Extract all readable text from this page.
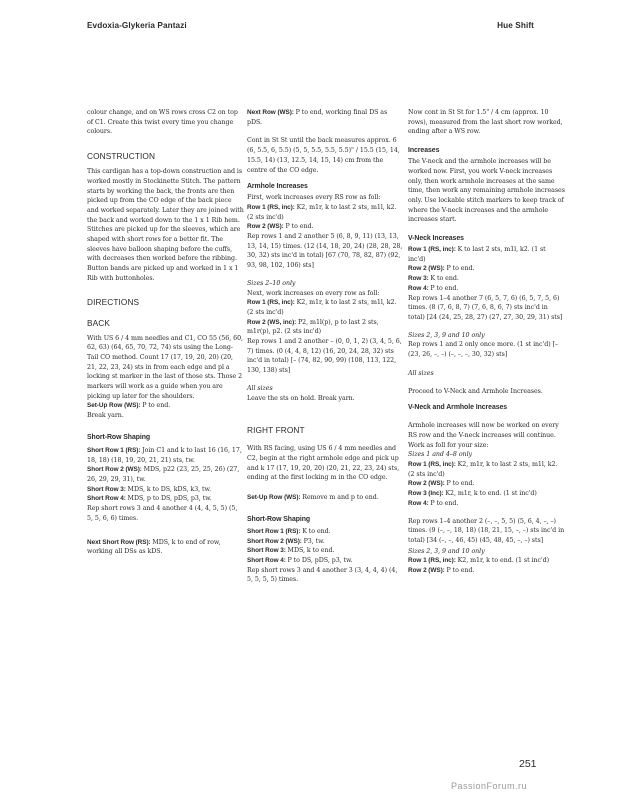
Evdoxia-Glykeria Pantazi	Hue Shift
colour change, and on WS rows cross C2 on top of C1. Create this twist every time you change colours.
CONSTRUCTION
This cardigan has a top-down construction and is worked mostly in Stockinette Stitch. The pattern starts by working the back, the fronts are then picked up from the CO edge of the back piece and worked separately. Later they are joined with the back and worked down to the 1 x 1 Rib hem. Stitches are picked up for the sleeves, which are shaped with short rows for a better fit. The sleeves have balloon shaping before the cuffs, with decreases then worked before the ribbing. Button bands are picked up and worked in 1 x 1 Rib with buttonholes.
DIRECTIONS
BACK
With US 6 / 4 mm needles and C1, CO 55 (56, 60, 62, 63) (64, 65, 70, 72, 74) sts using the Long-Tail CO method. Count 17 (17, 19, 20, 20) (20, 21, 22, 23, 24) sts in from each edge and pl a locking st marker in the last of those sts. Those 2 markers will work as a guide when you are picking up later for the shoulders.
Set-Up Row (WS): P to end.
Break yarn.
Short-Row Shaping
Short Row 1 (RS): Join C1 and k to last 16 (16, 17, 18, 18) (18, 19, 20, 21, 21) sts, tw.
Short Row 2 (WS): MDS, p22 (23, 25, 25, 26) (27, 26, 29, 29, 31), tw.
Short Row 3: MDS, k to DS, kDS, k3, tw.
Short Row 4: MDS, p to DS, pDS, p3, tw.
Rep short rows 3 and 4 another 4 (4, 4, 5, 5) (5, 5, 5, 6, 6) times.
Next Short Row (RS): MDS, k to end of row, working all DSs as kDS.
Next Row (WS): P to end, working final DS as pDS.
Cont in St St until the back measures approx. 6 (6, 5.5, 6, 5.5) (5, 5, 5.5, 5.5, 5.5)" / 15.5 (15, 14, 15.5, 14) (13, 12.5, 14, 15, 14) cm from the centre of the CO edge.
Armhole Increases
First, work increases every RS row as foll:
Row 1 (RS, inc): K2, m1r, k to last 2 sts, m1l, k2. (2 sts inc'd)
Row 2 (WS): P to end.
Rep rows 1 and 2 another 5 (6, 8, 9, 11) (13, 13, 13, 14, 15) times. (12 (14, 18, 20, 24) (28, 28, 28, 30, 32) sts inc'd in total) [67 (70, 78, 82, 87) (92, 93, 98, 102, 106) sts]
Sizes 2–10 only
Next, work increases on every row as foll:
Row 1 (RS, inc): K2, m1r, k to last 2 sts, m1l, k2. (2 sts inc'd)
Row 2 (WS, inc): P2, m1l(p), p to last 2 sts, m1r(p), p2. (2 sts inc'd)
Rep rows 1 and 2 another – (0, 0, 1, 2) (3, 4, 5, 6, 7) times. (0 (4, 4, 8, 12) (16, 20, 24, 28, 32) sts inc'd in total) [– (74, 82, 90, 99) (108, 113, 122, 130, 138) sts]
All sizes
Leave the sts on hold. Break yarn.
RIGHT FRONT
With RS facing, using US 6 / 4 mm needles and C2, begin at the right armhole edge and pick up and k 17 (17, 19, 20, 20) (20, 21, 22, 23, 24) sts, ending at the first locking m in the CO edge.
Set-Up Row (WS): Remove m and p to end.
Short-Row Shaping
Short Row 1 (RS): K to end.
Short Row 2 (WS): P3, tw.
Short Row 3: MDS, k to end.
Short Row 4: P to DS, pDS, p3, tw.
Rep short rows 3 and 4 another 3 (3, 4, 4, 4) (4, 5, 5, 5, 5) times.
Now cont in St St for 1.5" / 4 cm (approx. 10 rows), measured from the last short row worked, ending after a WS row.
Increases
The V-neck and the armhole increases will be worked now. First, you work V-neck increases only, then work armhole increases at the same time, then work any remaining armhole increases only. Use lockable stitch markers to keep track of where the V-neck increases and the armhole increases start.
V-Neck Increases
Row 1 (RS, inc): K to last 2 sts, m1l, k2. (1 st inc'd)
Row 2 (WS): P to end.
Row 3: K to end.
Row 4: P to end.
Rep rows 1–4 another 7 (6, 5, 7, 6) (6, 5, 7, 5, 6) times. (8 (7, 6, 8, 7) (7, 6, 8, 6, 7) sts inc'd in total) [24 (24, 25, 28, 27) (27, 27, 30, 29, 31) sts]
Sizes 2, 3, 9 and 10 only
Rep rows 1 and 2 only once more. (1 st inc'd) [– (23, 26, –, –) (–, –, –, 30, 32) sts]
All sizes
Proceed to V-Neck and Armhole Increases.
V-Neck and Armhole Increases
Armhole increases will now be worked on every RS row and the V-neck increases will continue. Work as foll for your size:
Sizes 1 and 4–8 only
Row 1 (RS, inc): K2, m1r, k to last 2 sts, m1l, k2. (2 sts inc'd)
Row 2 (WS): P to end.
Row 3 (Inc): K2, m1r, k to end. (1 st inc'd)
Row 4: P to end.
Rep rows 1–4 another 2 (–, –, 5, 5) (5, 6, 4, –, –) times. (9 (–, –, 18, 18) (18, 21, 15, –, –) sts inc'd in total) [34 (–, –, 46, 45) (45, 48, 45, –, –) sts]
Sizes 2, 3, 9 and 10 only
Row 1 (RS, inc): K2, m1r, k to end. (1 st inc'd)
Row 2 (WS): P to end.
251
PassionForum.ru
